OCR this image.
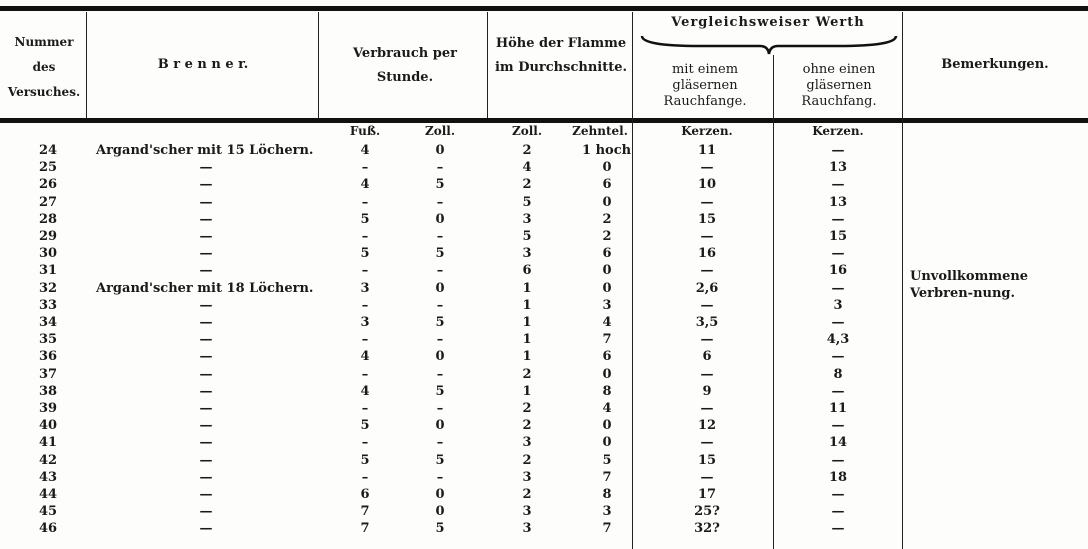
Nummer des Versuches.
B r e n n e r.
Verbrauch per Stunde.
Höhe der Flamme im Durchschnitte.
Vergleichsweiser Werth
mit einem gläsernen Rauchfange.
ohne einen gläsernen Rauchfang.
Bemerkungen.
Fuß.	Zoll.	Zoll.	Zehntel.	Kerzen.	Kerzen.
24	Argand'scher mit 15 Löchern.	4	0	2	1 hoch	11	—
25	—	–	–	4	0	—	13
26	—	4	5	2	6	10	—
27	—	–	–	5	0	—	13
28	—	5	0	3	2	15	—
29	—	–	–	5	2	—	15
30	—	5	5	3	6	16	—
31	—	–	–	6	0	—	16
32	Argand'scher mit 18 Löchern.	3	0	1	0	2,6	—
33	—	–	–	1	3	—	3
34	—	3	5	1	4	3,5	—
35	—	–	–	1	7	—	4,3
36	—	4	0	1	6	6	—
37	—	–	–	2	0	—	8
38	—	4	5	1	8	9	—
39	—	–	–	2	4	—	11
40	—	5	0	2	0	12	—
41	—	–	–	3	0	—	14
42	—	5	5	2	5	15	—
43	—	–	–	3	7	—	18
44	—	6	0	2	8	17	—
45	—	7	0	3	3	25?	—
46	—	7	5	3	7	32?	—
Unvollkommene Verbren-nung.
